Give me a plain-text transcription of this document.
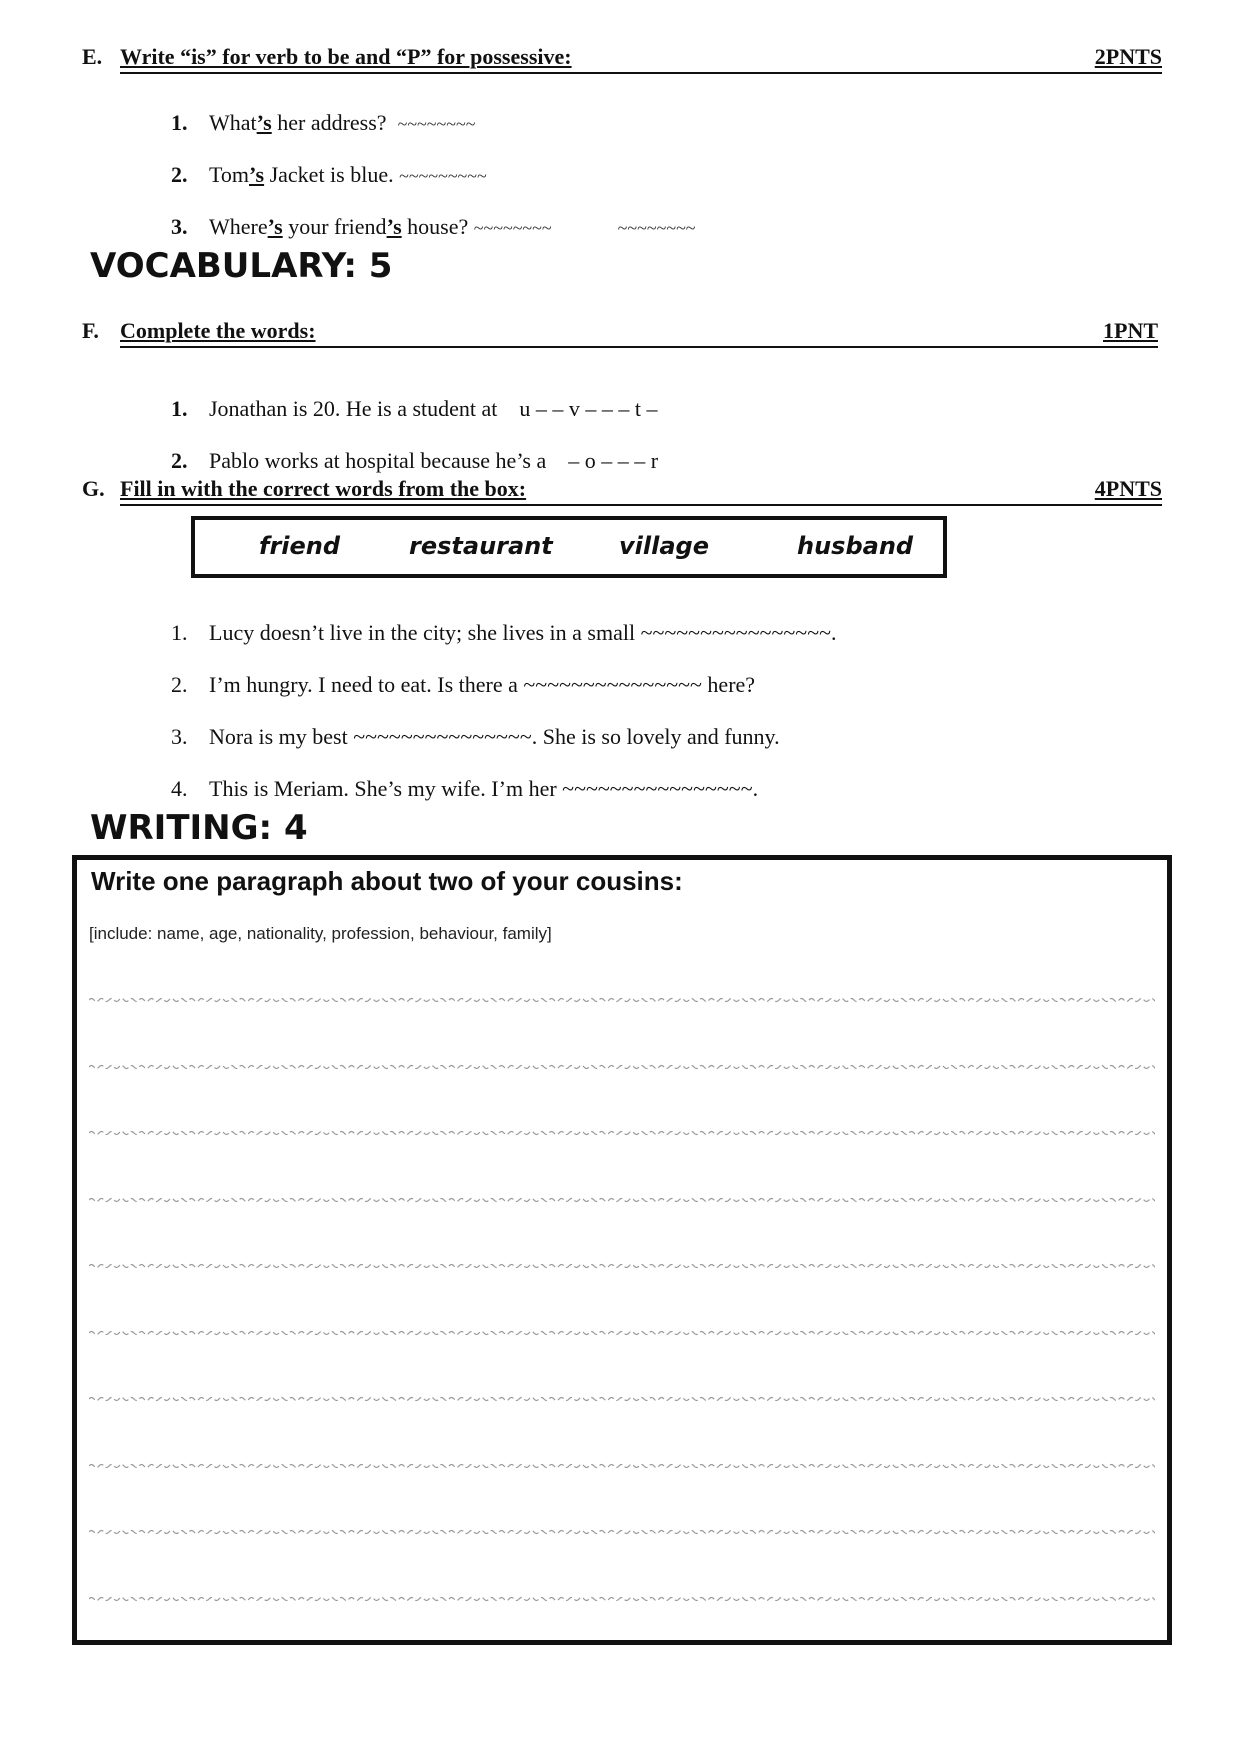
E. Write “is” for verb to be and “P” for possessive:	2PNTS

1. What’s her address?  ~~~~~~~~

2. Tom’s Jacket is blue. ~~~~~~~~~

3. Where’s your friend’s house? ~~~~~~~~	~~~~~~~~

VOCABULARY: 5
F. Complete the words:	1PNT

1. Jonathan is 20. He is a student at    u – – v – – – t –

2. Pablo works at hospital because he’s a    – o – – – r

G. Fill in with the correct words from the box:	4PNTS
friend	restaurant	village	husband

1. Lucy doesn’t live in the city; she lives in a small ~~~~~~~~~~~~~~~~.

2. I’m hungry. I need to eat. Is there a ~~~~~~~~~~~~~~~ here?

3. Nora is my best ~~~~~~~~~~~~~~~. She is so lovely and funny.

4. This is Meriam. She’s my wife. I’m her ~~~~~~~~~~~~~~~~.

WRITING: 4
Write one paragraph about two of your cousins:
[include: name, age, nationality, profession, behaviour, family]
